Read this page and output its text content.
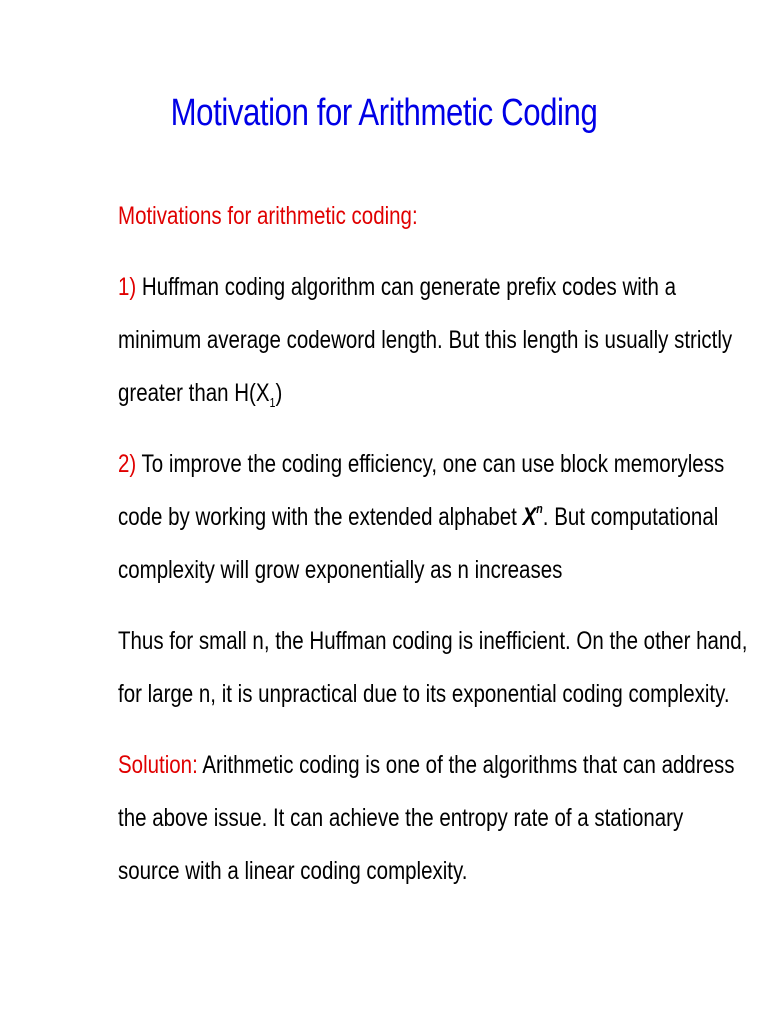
Motivation for Arithmetic Coding
Motivations for arithmetic coding:
1) Huffman coding algorithm can generate prefix codes with a
minimum average codeword length. But this length is usually strictly
greater than $H(X_1)$
2) To improve the coding efficiency, one can use block memoryless
code by working with the extended alphabet $X^n$. But computational
complexity will grow exponentially as n increases
Thus for small n, the Huffman coding is inefficient. On the other hand,
for large n, it is unpractical due to its exponential coding complexity.
Solution: Arithmetic coding is one of the algorithms that can address
the above issue. It can achieve the entropy rate of a stationary
source with a linear coding complexity.
